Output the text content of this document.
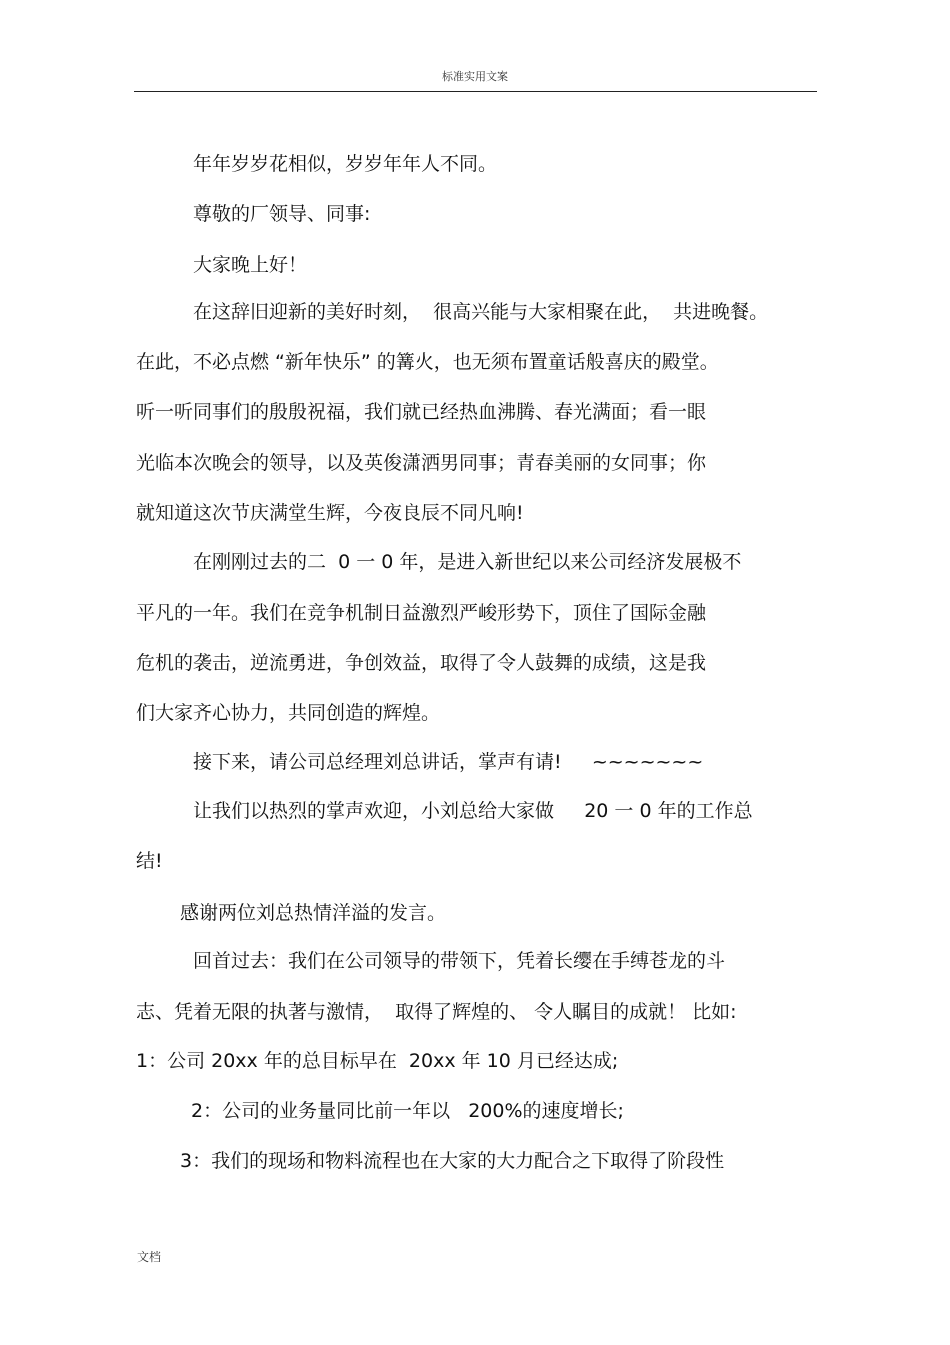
标准实用文案
年年岁岁花相似，岁岁年年人不同。
尊敬的厂领导、同事:
大家晚上好！
在这辞旧迎新的美好时刻，  很高兴能与大家相聚在此，  共进晚餐。
在此，不必点燃 “新年快乐” 的篝火，也无须布置童话般喜庆的殿堂。
听一听同事们的殷殷祝福，我们就已经热血沸腾、春光满面；看一眼
光临本次晚会的领导，以及英俊潇洒男同事；青春美丽的女同事；你
就知道这次节庆满堂生辉，今夜良辰不同凡响!
在刚刚过去的二  0 一 0 年，是进入新世纪以来公司经济发展极不
平凡的一年。我们在竞争机制日益激烈严峻形势下，顶住了国际金融
危机的袭击，逆流勇进，争创效益，取得了令人鼓舞的成绩，这是我
们大家齐心协力，共同创造的辉煌。
接下来，请公司总经理刘总讲话，掌声有请!     ~~~~~~~
让我们以热烈的掌声欢迎，小刘总给大家做     20 一 0 年的工作总
结!
感谢两位刘总热情洋溢的发言。
回首过去：我们在公司领导的带领下，凭着长缨在手缚苍龙的斗
志、凭着无限的执著与激情，  取得了辉煌的、 令人瞩目的成就！ 比如:
1：公司 20xx 年的总目标早在  20xx 年 10 月已经达成;
2：公司的业务量同比前一年以   200%的速度增长;
3：我们的现场和物料流程也在大家的大力配合之下取得了阶段性
文档
